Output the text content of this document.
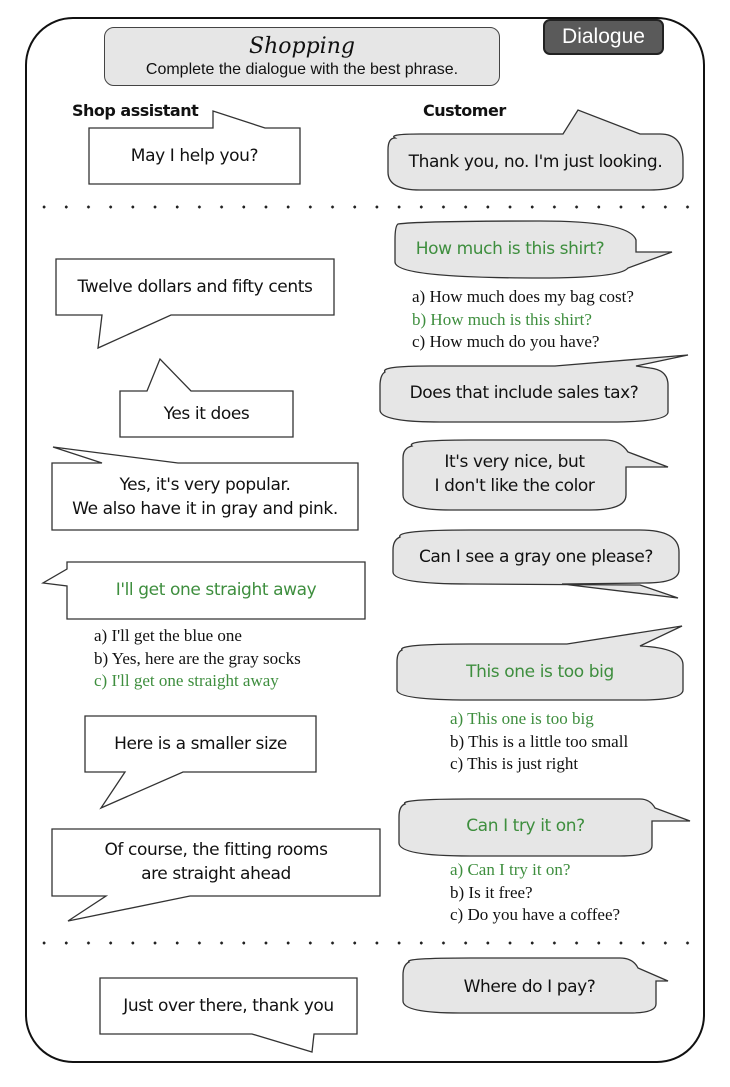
Shopping
Complete the dialogue with the best phrase.
Dialogue
Shop assistant	Customer
May I help you?
Twelve dollars and fifty cents
Yes it does
Yes, it's very popular.
We also have it in gray and pink.
I'll get one straight away
Here is a smaller size
Of course, the fitting rooms
are straight ahead
Just over there, thank you
Thank you, no. I'm just looking.
How much is this shirt?
Does that include sales tax?
It's very nice, but
I don't like the color
Can I see a gray one please?
This one is too big
Can I try it on?
Where do I pay?
a) How much does my bag cost?
b) How much is this shirt?
c) How much do you have?
a) I'll get the blue one
b) Yes, here are the gray socks
c) I'll get one straight away
a) This one is too big
b) This is a little too small
c) This is just right
a) Can I try it on?
b) Is it free?
c) Do you have a coffee?
